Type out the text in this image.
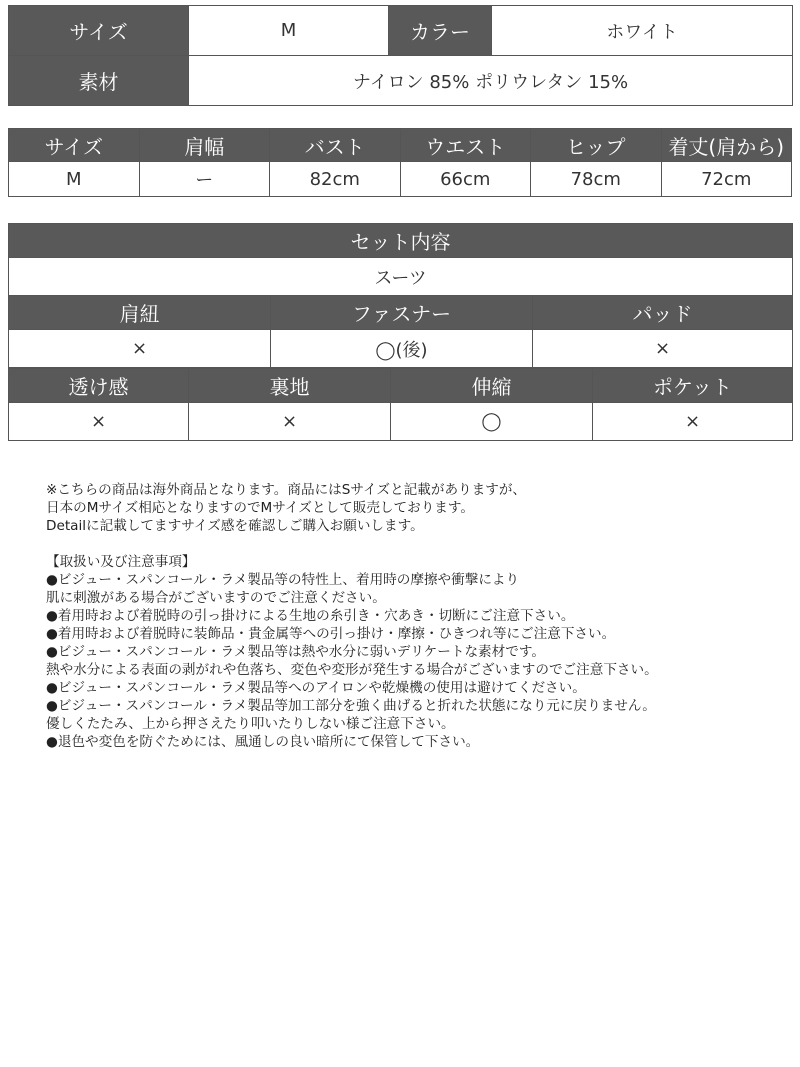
サイズ	M	カラー	ホワイト
素材	ナイロン 85% ポリウレタン 15%		
サイズ	肩幅	バスト	ウエスト	ヒップ	着丈(肩から)
M	ー	82cm	66cm	78cm	72cm
セット内容		
スーツ		
肩紐	ファスナー	パッド
×	◯(後)	×
透け感	裏地	伸縮	ポケット
×	×	◯	×

※こちらの商品は海外商品となります。商品にはSサイズと記載がありますが、

日本のMサイズ相応となりますのでMサイズとして販売しております。

Detailに記載してますサイズ感を確認しご購入お願いします。

【取扱い及び注意事項】

●ビジュー・スパンコール・ラメ製品等の特性上、着用時の摩擦や衝撃により

肌に刺激がある場合がございますのでご注意ください。

●着用時および着脱時の引っ掛けによる生地の糸引き・穴あき・切断にご注意下さい。

●着用時および着脱時に装飾品・貴金属等への引っ掛け・摩擦・ひきつれ等にご注意下さい。

●ビジュー・スパンコール・ラメ製品等は熱や水分に弱いデリケートな素材です。

熱や水分による表面の剥がれや色落ち、変色や変形が発生する場合がございますのでご注意下さい。

●ビジュー・スパンコール・ラメ製品等へのアイロンや乾燥機の使用は避けてください。

●ビジュー・スパンコール・ラメ製品等加工部分を強く曲げると折れた状態になり元に戻りません。

優しくたたみ、上から押さえたり叩いたりしない様ご注意下さい。

●退色や変色を防ぐためには、風通しの良い暗所にて保管して下さい。
